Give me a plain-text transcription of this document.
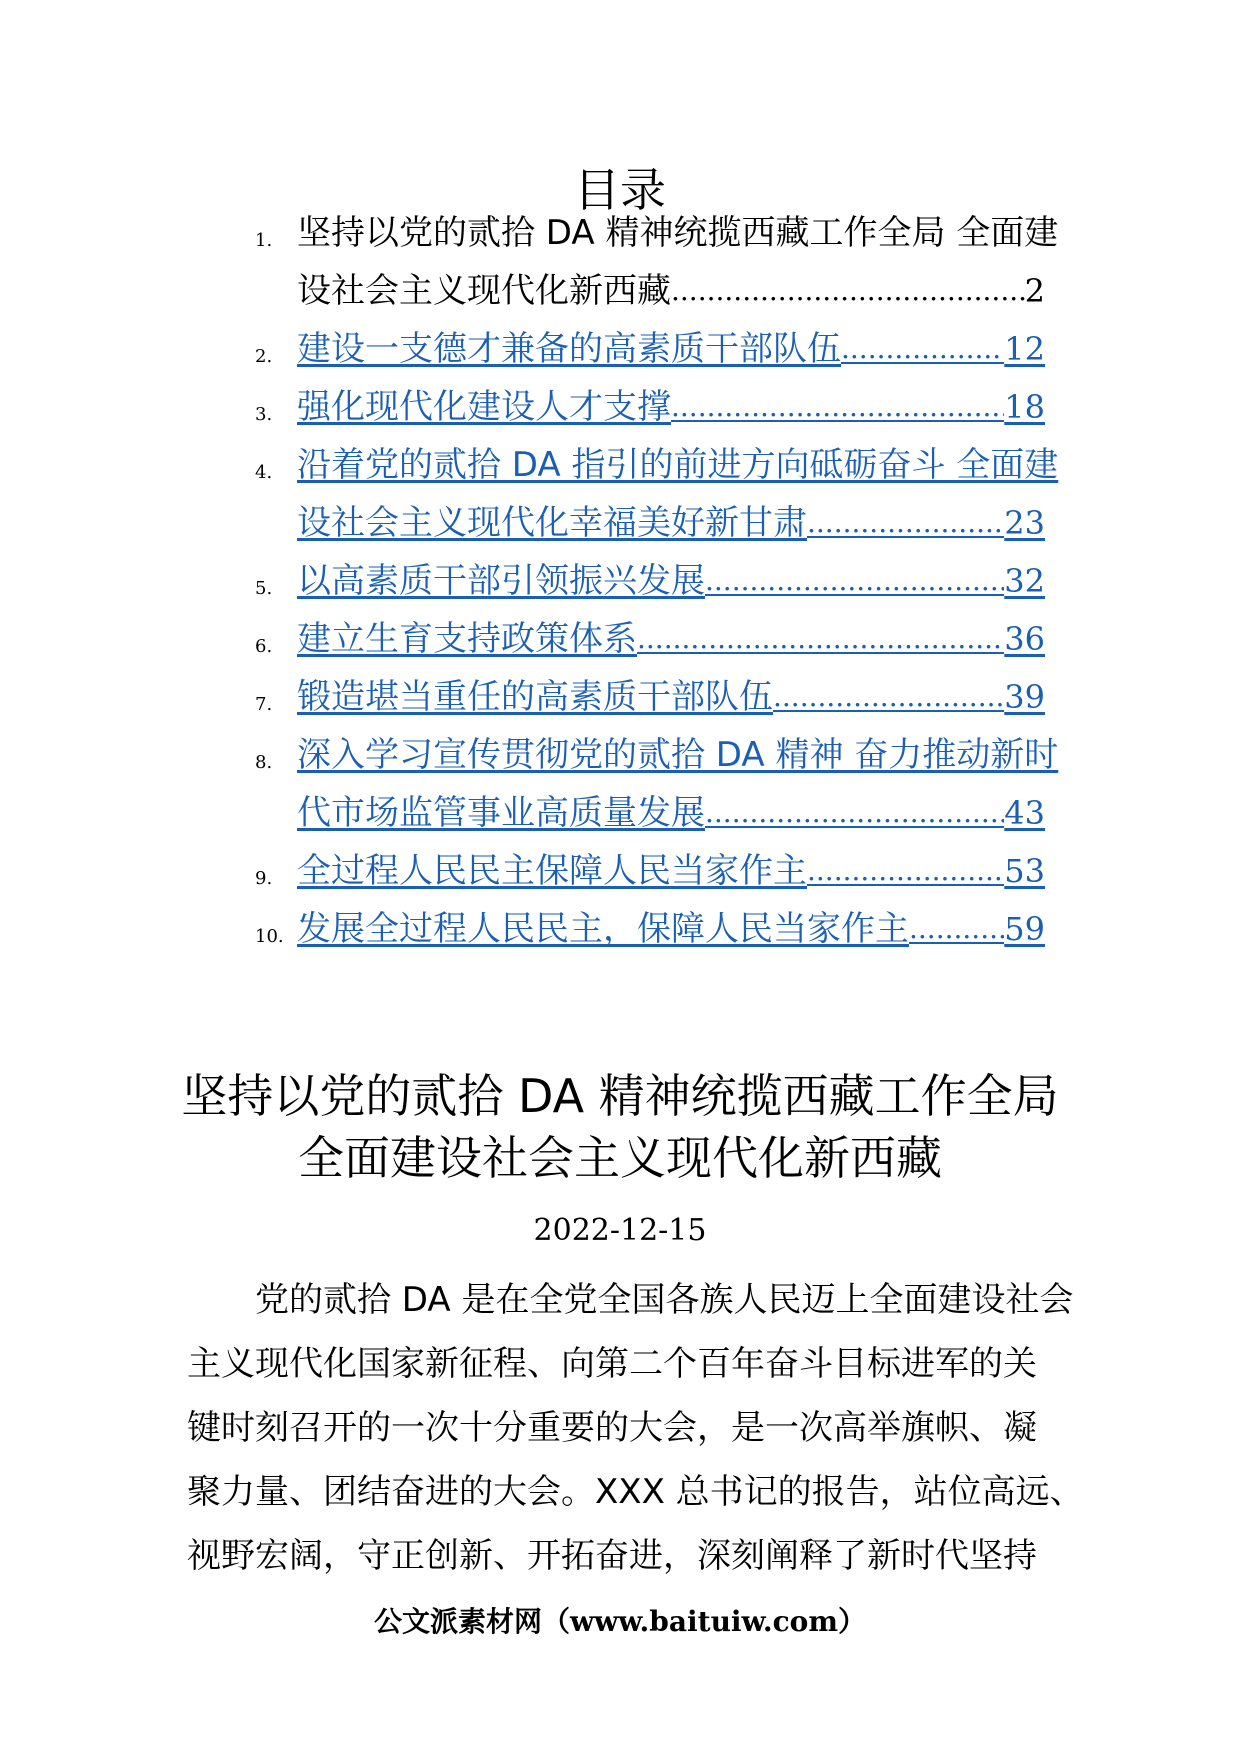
目录
1. 坚持以党的贰拾 DA 精神统揽西藏工作全局 全面建
设社会主义现代化新西藏 .....	2
2. 建设一支德才兼备的高素质干部队伍 .....	12
3. 强化现代化建设人才支撑 .....	18
4. 沿着党的贰拾 DA 指引的前进方向砥砺奋斗 全面建
设社会主义现代化幸福美好新甘肃 .....	23
5. 以高素质干部引领振兴发展 .....	32
6. 建立生育支持政策体系 .....	36
7. 锻造堪当重任的高素质干部队伍 .....	39
8. 深入学习宣传贯彻党的贰拾 DA 精神 奋力推动新时
代市场监管事业高质量发展 .....	43
9. 全过程人民民主保障人民当家作主 .....	53
10. 发展全过程人民民主，保障人民当家作主 .....	59
坚持以党的贰拾 DA 精神统揽西藏工作全局
全面建设社会主义现代化新西藏
2022-12-15
党的贰拾 DA 是在全党全国各族人民迈上全面建设社会
主义现代化国家新征程、向第二个百年奋斗目标进军的关
键时刻召开的一次十分重要的大会，是一次高举旗帜、凝
聚力量、团结奋进的大会。XXX 总书记的报告，站位高远、
视野宏阔，守正创新、开拓奋进，深刻阐释了新时代坚持
公文派素材网（www.baituiw.com）
